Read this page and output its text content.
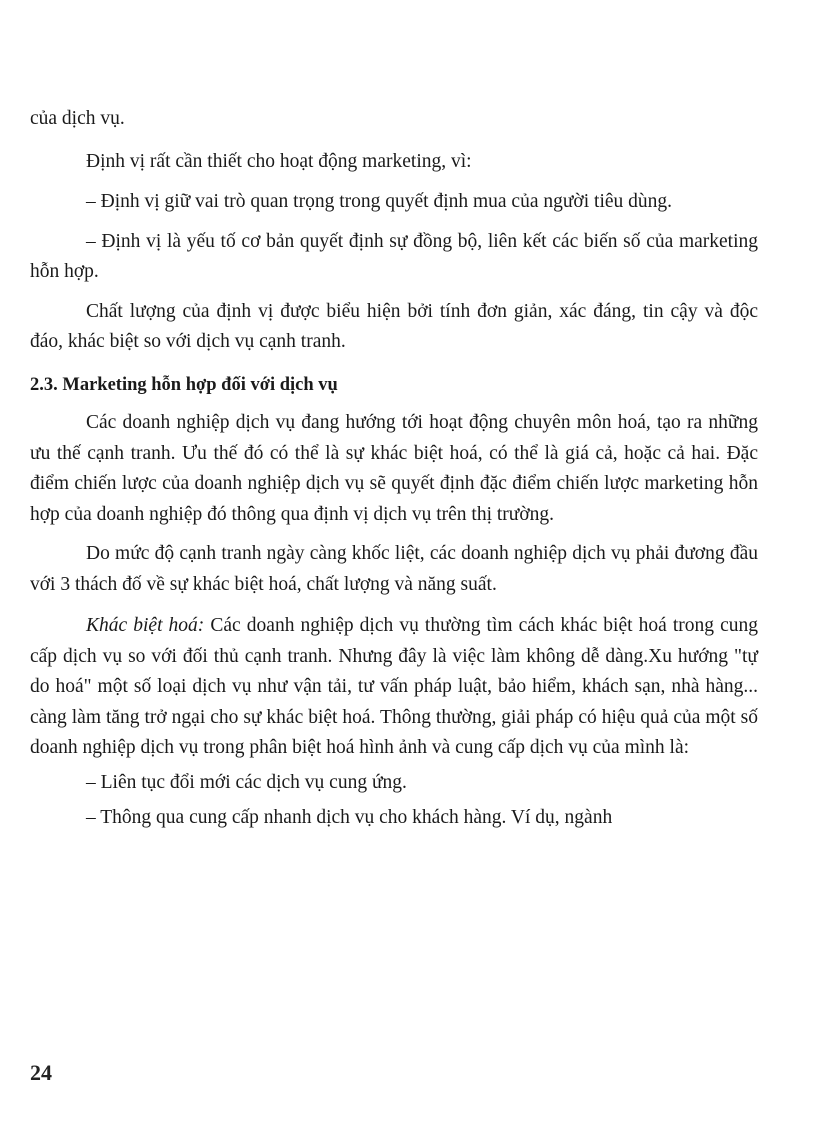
của dịch vụ.

Định vị rất cần thiết cho hoạt động marketing, vì:

– Định vị giữ vai trò quan trọng trong quyết định mua của người tiêu dùng.

– Định vị là yếu tố cơ bản quyết định sự đồng bộ, liên kết các biến số của marketing hỗn hợp.

Chất lượng của định vị được biểu hiện bởi tính đơn giản, xác đáng, tin cậy và độc đáo, khác biệt so với dịch vụ cạnh tranh.

2.3. Marketing hỗn hợp đối với dịch vụ

Các doanh nghiệp dịch vụ đang hướng tới hoạt động chuyên môn hoá, tạo ra những ưu thế cạnh tranh. Ưu thế đó có thể là sự khác biệt hoá, có thể là giá cả, hoặc cả hai. Đặc điểm chiến lược của doanh nghiệp dịch vụ sẽ quyết định đặc điểm chiến lược marketing hỗn hợp của doanh nghiệp đó thông qua định vị dịch vụ trên thị trường.

Do mức độ cạnh tranh ngày càng khốc liệt, các doanh nghiệp dịch vụ phải đương đầu với 3 thách đố về sự khác biệt hoá, chất lượng và năng suất.

Khác biệt hoá: Các doanh nghiệp dịch vụ thường tìm cách khác biệt hoá trong cung cấp dịch vụ so với đối thủ cạnh tranh. Nhưng đây là việc làm không dễ dàng.Xu hướng "tự do hoá" một số loại dịch vụ như vận tải, tư vấn pháp luật, bảo hiểm, khách sạn, nhà hàng... càng làm tăng trở ngại cho sự khác biệt hoá. Thông thường, giải pháp có hiệu quả của một số doanh nghiệp dịch vụ trong phân biệt hoá hình ảnh và cung cấp dịch vụ của mình là:

– Liên tục đổi mới các dịch vụ cung ứng.

– Thông qua cung cấp nhanh dịch vụ cho khách hàng. Ví dụ, ngành

24
